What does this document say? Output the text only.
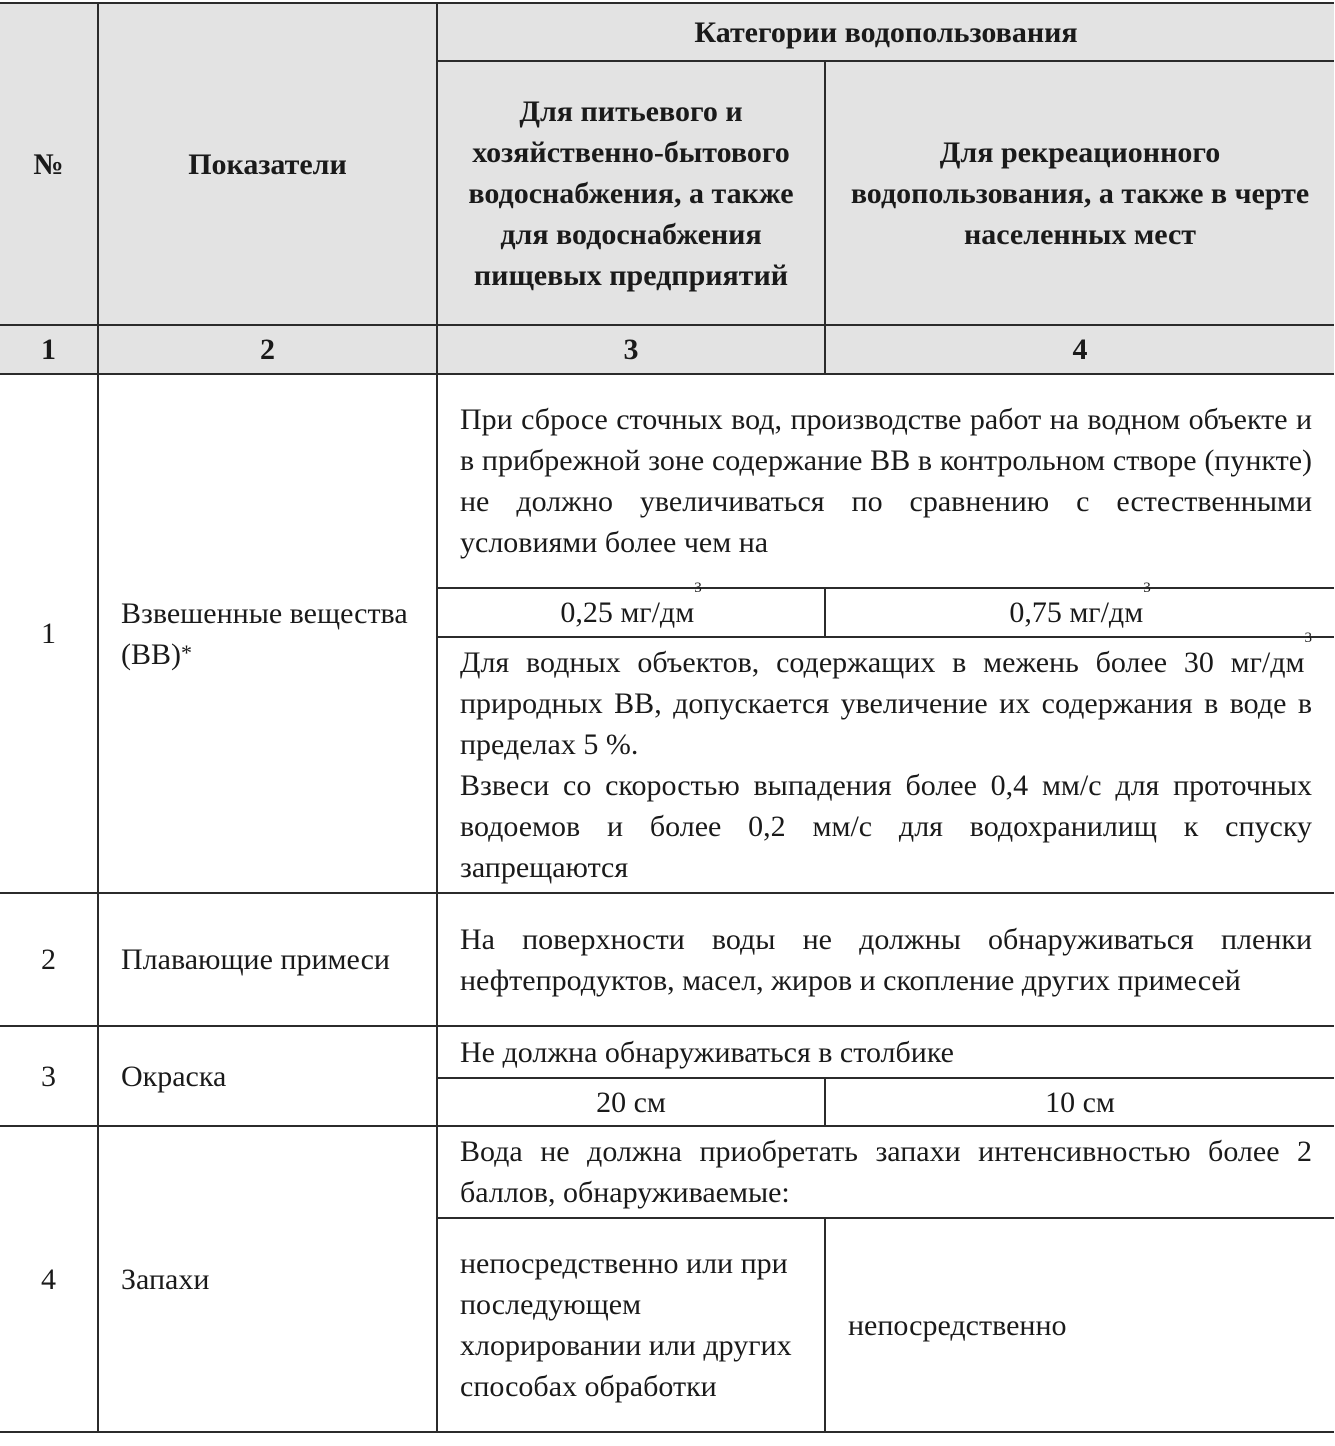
№	Показатели	Категории водопользования	
		Для питьевого и хозяйственно-бытового водоснабжения, а также для водоснабжения пищевых предприятий	Для рекреационного водопользования, а также в черте населенных мест
1	2	3	4
1	Взвешенные вещества (ВВ)*	При сбросе сточных вод, производстве работ на водном объекте и в прибрежной зоне содержание ВВ в контрольном створе (пункте) не должно увеличиваться по сравнению с естественными условиями более чем на	
		0,25 $мг/дм^3$	0,75 $мг/дм^3$

		Для водных объектов, содержащих в межень более 30 $мг/дм^3$ природных ВВ, допускается увеличение их содержания в воде в пределах 5 %.
Взвеси со скоростью выпадения более 0,4 мм/с для проточных водоемов и более 0,2 мм/с для водохранилищ к спуску запрещаются	

2	Плавающие примеси	На поверхности воды не должны обнаруживаться пленки нефтепродуктов, масел, жиров и скопление других примесей	
3	Окраска	Не должна обнаруживаться в столбике	
		20 см	10 см
4	Запахи	Вода не должна приобретать запахи интенсивностью более 2 баллов, обнаруживаемые:	
		непосредственно или при последующем хлорировании или других способах обработки	непосредственно
